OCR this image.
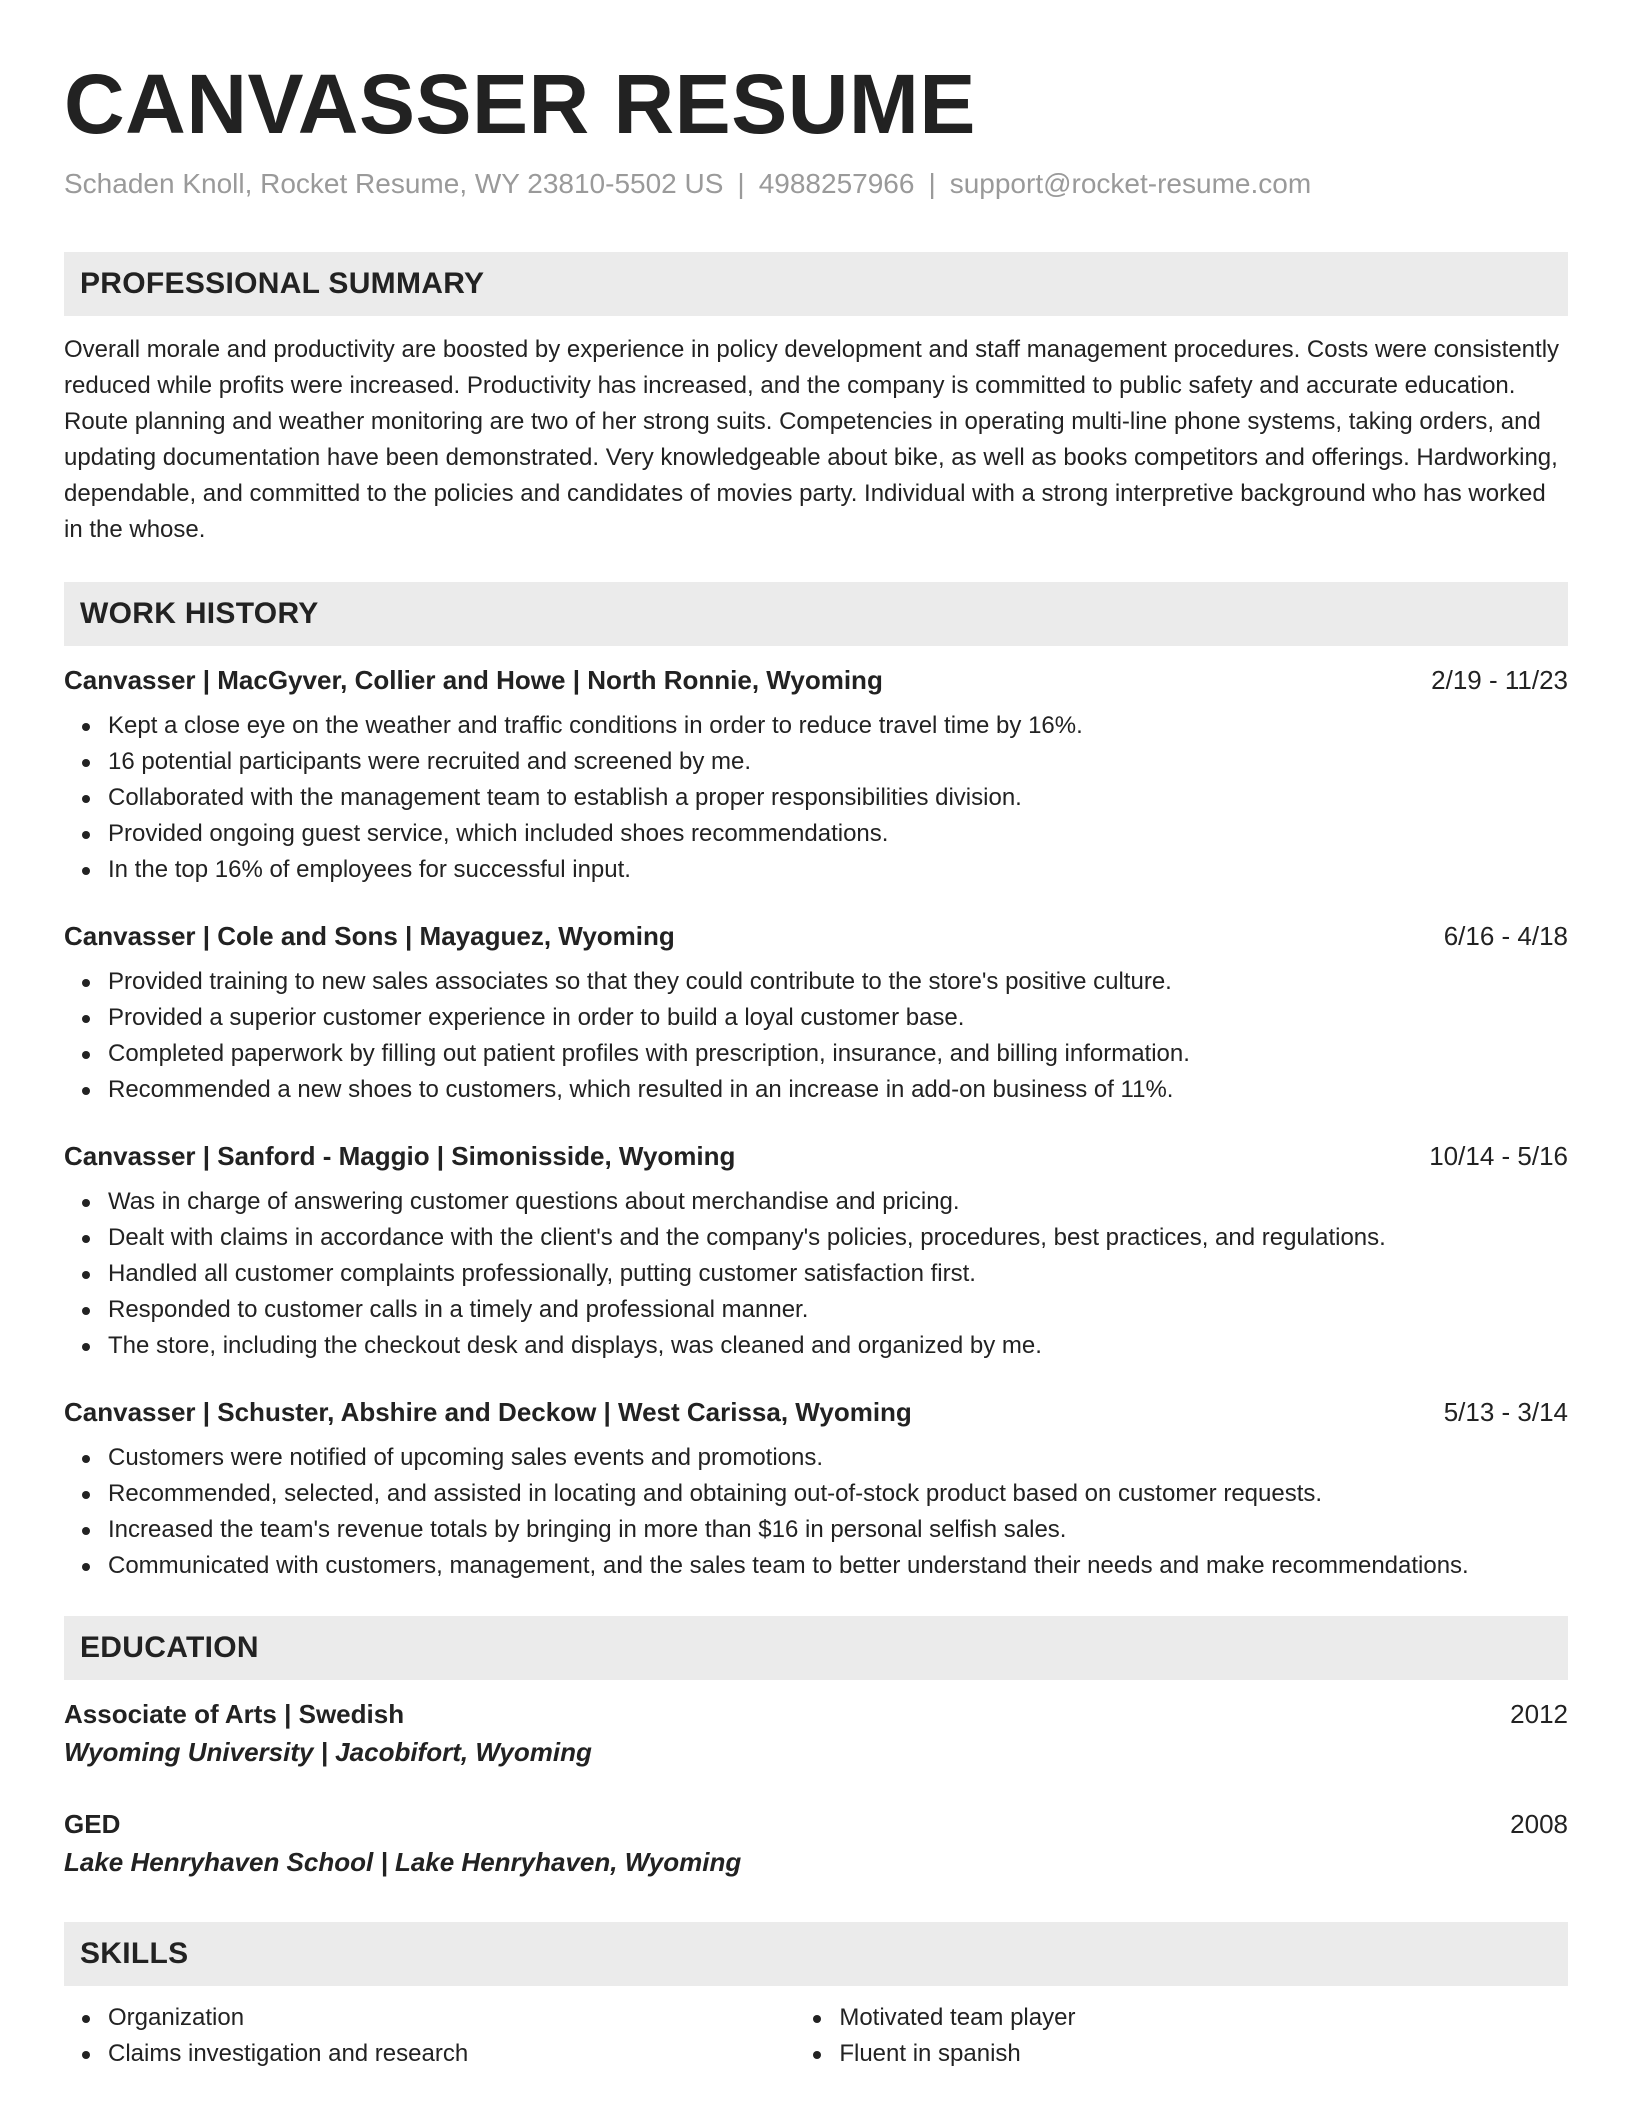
CANVASSER RESUME
Schaden Knoll, Rocket Resume, WY 23810-5502 US | 4988257966 | support@rocket-resume.com
PROFESSIONAL SUMMARY

Overall morale and productivity are boosted by experience in policy development and staff management procedures. Costs were consistently reduced while profits were increased. Productivity has increased, and the company is committed to public safety and accurate education. Route planning and weather monitoring are two of her strong suits. Competencies in operating multi-line phone systems, taking orders, and updating documentation have been demonstrated. Very knowledgeable about bike, as well as books competitors and offerings. Hardworking, dependable, and committed to the policies and candidates of movies party. Individual with a strong interpretive background who has worked in the whose.

WORK HISTORY
Canvasser | MacGyver, Collier and Howe | North Ronnie, Wyoming	2/19 - 11/23
Kept a close eye on the weather and traffic conditions in order to reduce travel time by 16%.
16 potential participants were recruited and screened by me.
Collaborated with the management team to establish a proper responsibilities division.
Provided ongoing guest service, which included shoes recommendations.
In the top 16% of employees for successful input.
Canvasser | Cole and Sons | Mayaguez, Wyoming	6/16 - 4/18
Provided training to new sales associates so that they could contribute to the store's positive culture.
Provided a superior customer experience in order to build a loyal customer base.
Completed paperwork by filling out patient profiles with prescription, insurance, and billing information.
Recommended a new shoes to customers, which resulted in an increase in add-on business of 11%.
Canvasser | Sanford - Maggio | Simonisside, Wyoming	10/14 - 5/16
Was in charge of answering customer questions about merchandise and pricing.
Dealt with claims in accordance with the client's and the company's policies, procedures, best practices, and regulations.
Handled all customer complaints professionally, putting customer satisfaction first.
Responded to customer calls in a timely and professional manner.
The store, including the checkout desk and displays, was cleaned and organized by me.
Canvasser | Schuster, Abshire and Deckow | West Carissa, Wyoming	5/13 - 3/14
Customers were notified of upcoming sales events and promotions.
Recommended, selected, and assisted in locating and obtaining out-of-stock product based on customer requests.
Increased the team's revenue totals by bringing in more than $16 in personal selfish sales.
Communicated with customers, management, and the sales team to better understand their needs and make recommendations.
EDUCATION
Associate of Arts | Swedish	2012
Wyoming University | Jacobifort, Wyoming
GED	2008
Lake Henryhaven School | Lake Henryhaven, Wyoming
SKILLS
Organization
Claims investigation and research
Motivated team player
Fluent in spanish
